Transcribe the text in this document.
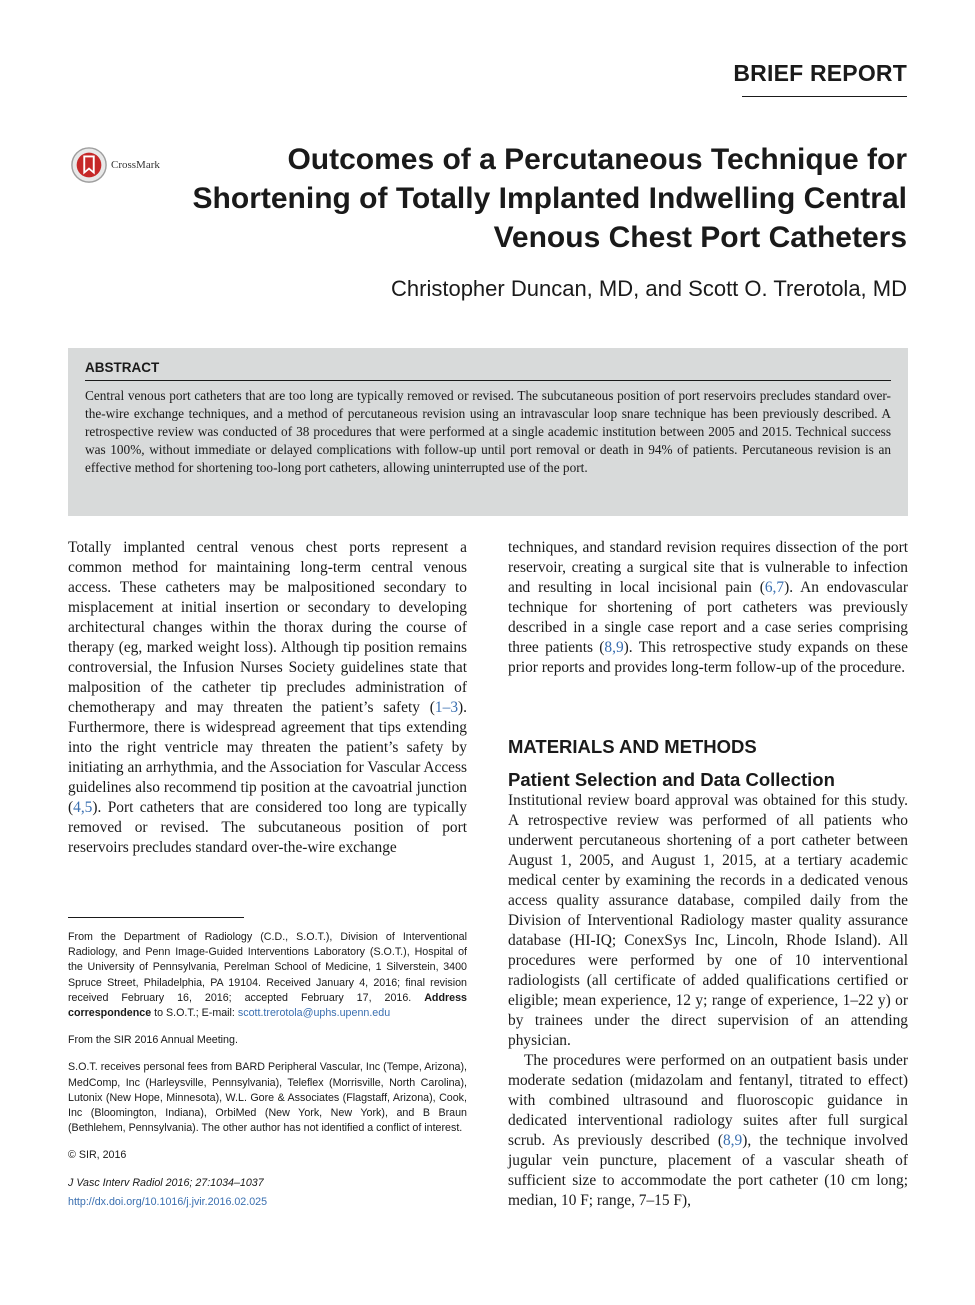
BRIEF REPORT
CrossMark	Outcomes of a Percutaneous Technique for Shortening of Totally Implanted Indwelling Central Venous Chest Port Catheters
Christopher Duncan, MD, and Scott O. Trerotola, MD
ABSTRACT
Central venous port catheters that are too long are typically removed or revised. The subcutaneous position of port reservoirs precludes standard over-the-wire exchange techniques, and a method of percutaneous revision using an intravascular loop snare technique has been previously described. A retrospective review was conducted of 38 procedures that were performed at a single academic institution between 2005 and 2015. Technical success was 100%, without immediate or delayed complications with follow-up until port removal or death in 94% of patients. Percutaneous revision is an effective method for shortening too-long port catheters, allowing uninterrupted use of the port.

Totally implanted central venous chest ports represent a common method for maintaining long-term central venous access. These catheters may be malpositioned secondary to misplacement at initial insertion or secondary to developing architectural changes within the thorax during the course of therapy (eg, marked weight loss). Although tip position remains controversial, the Infusion Nurses Society guidelines state that malposition of the catheter tip precludes administration of chemotherapy and may threaten the patient’s safety (1–3). Furthermore, there is widespread agreement that tips extending into the right ventricle may threaten the patient’s safety by initiating an arrhythmia, and the Association for Vascular Access guidelines also recommend tip position at the cavoatrial junction (4,5). Port catheters that are considered too long are typically removed or revised. The subcutaneous position of port reservoirs precludes standard over-the-wire exchange

techniques, and standard revision requires dissection of the port reservoir, creating a surgical site that is vulnerable to infection and resulting in local incisional pain (6,7). An endovascular technique for shortening of port catheters was previously described in a single case report and a case series comprising three patients (8,9). This retrospective study expands on these prior reports and provides long-term follow-up of the procedure.

MATERIALS AND METHODS
Patient Selection and Data Collection

Institutional review board approval was obtained for this study. A retrospective review was performed of all patients who underwent percutaneous shortening of a port catheter between August 1, 2005, and August 1, 2015, at a tertiary academic medical center by examining the records in a dedicated venous access quality assurance database, compiled daily from the Division of Interventional Radiology master quality assurance database (HI-IQ; ConexSys Inc, Lincoln, Rhode Island). All procedures were performed by one of 10 interventional radiologists (all certificate of added qualifications certified or eligible; mean experience, 12 y; range of experience, 1–22 y) or by trainees under the direct supervision of an attending physician.

The procedures were performed on an outpatient basis under moderate sedation (midazolam and fentanyl, titrated to effect) with combined ultrasound and fluoroscopic guidance in dedicated interventional radiology suites after full surgical scrub. As previously described (8,9), the technique involved jugular vein puncture, placement of a vascular sheath of sufficient size to accommodate the port catheter (10 cm long; median, 10 F; range, 7–15 F),

From the Department of Radiology (C.D., S.O.T.), Division of Interventional Radiology, and Penn Image-Guided Interventions Laboratory (S.O.T.), Hospital of the University of Pennsylvania, Perelman School of Medicine, 1 Silverstein, 3400 Spruce Street, Philadelphia, PA 19104. Received January 4, 2016; final revision received February 16, 2016; accepted February 17, 2016. Address correspondence to S.O.T.; E-mail: scott.trerotola@uphs.upenn.edu

From the SIR 2016 Annual Meeting.

S.O.T. receives personal fees from BARD Peripheral Vascular, Inc (Tempe, Arizona), MedComp, Inc (Harleysville, Pennsylvania), Teleflex (Morrisville, North Carolina), Lutonix (New Hope, Minnesota), W.L. Gore & Associates (Flagstaff, Arizona), Cook, Inc (Bloomington, Indiana), OrbiMed (New York, New York), and B Braun (Bethlehem, Pennsylvania). The other author has not identified a conflict of interest.

© SIR, 2016

J Vasc Interv Radiol 2016; 27:1034–1037

http://dx.doi.org/10.1016/j.jvir.2016.02.025
